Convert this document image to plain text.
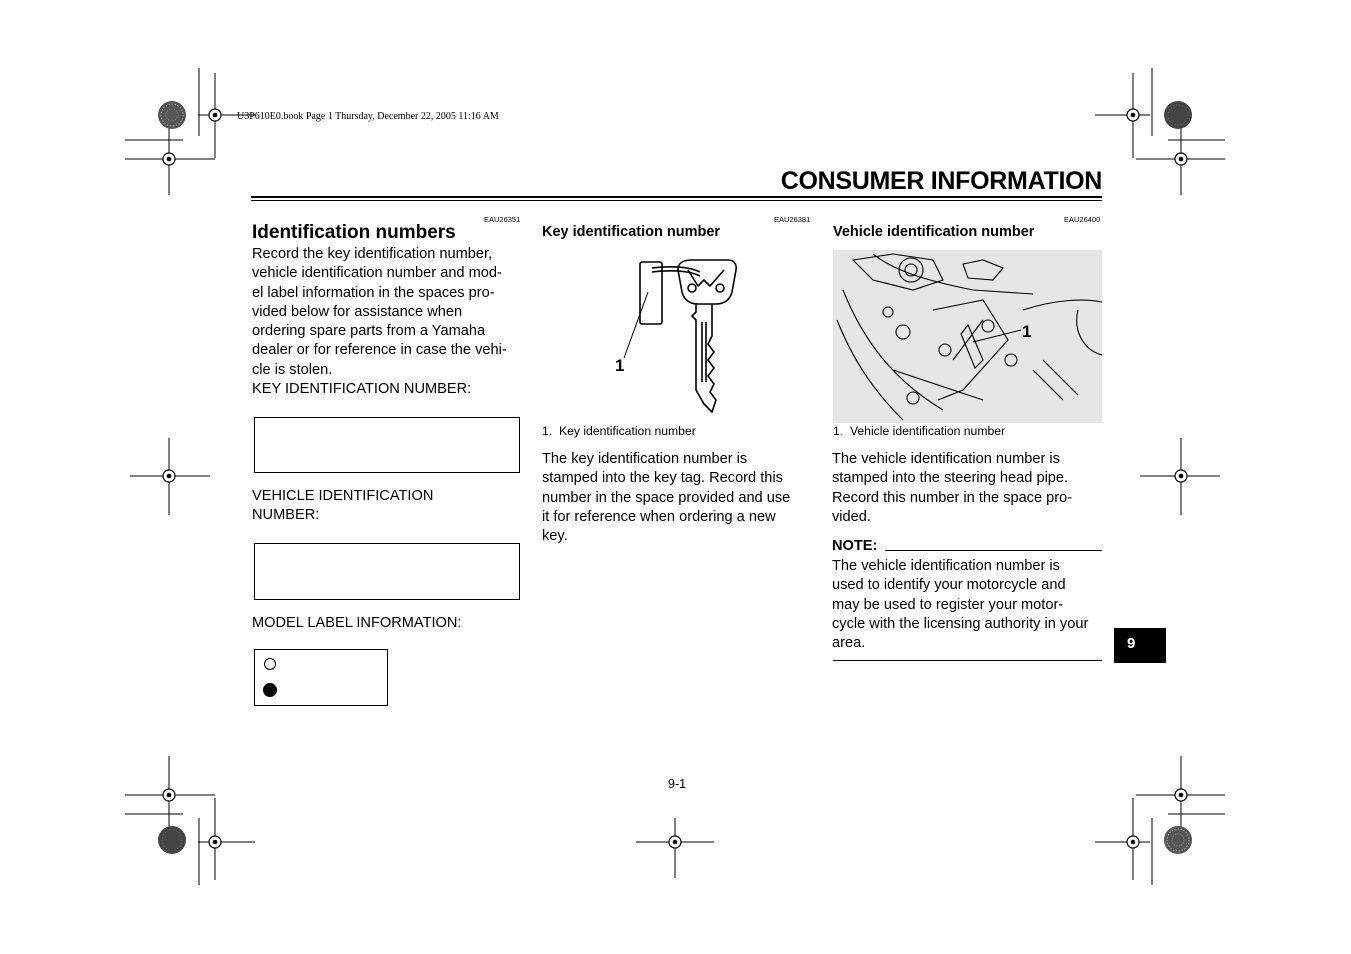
U3P610E0.book Page 1 Thursday, December 22, 2005 11:16 AM
CONSUMER INFORMATION
EAU26351
Identification numbers

Record the key identification number,

vehicle identification number and mod-

el label information in the spaces pro-

vided below for assistance when

ordering spare parts from a Yamaha

dealer or for reference in case the vehi-

cle is stolen.

KEY IDENTIFICATION NUMBER:

VEHICLE IDENTIFICATION
NUMBER:
MODEL LABEL INFORMATION:
EAU26381
Key identification number
1
1. Key identification number

The key identification number is

stamped into the key tag. Record this

number in the space provided and use

it for reference when ordering a new

key.

EAU26400
Vehicle identification number
1
1. Vehicle identification number

The vehicle identification number is

stamped into the steering head pipe.

Record this number in the space pro-

vided.

NOTE:

The vehicle identification number is

used to identify your motorcycle and

may be used to register your motor-

cycle with the licensing authority in your

area.	9
9-1
